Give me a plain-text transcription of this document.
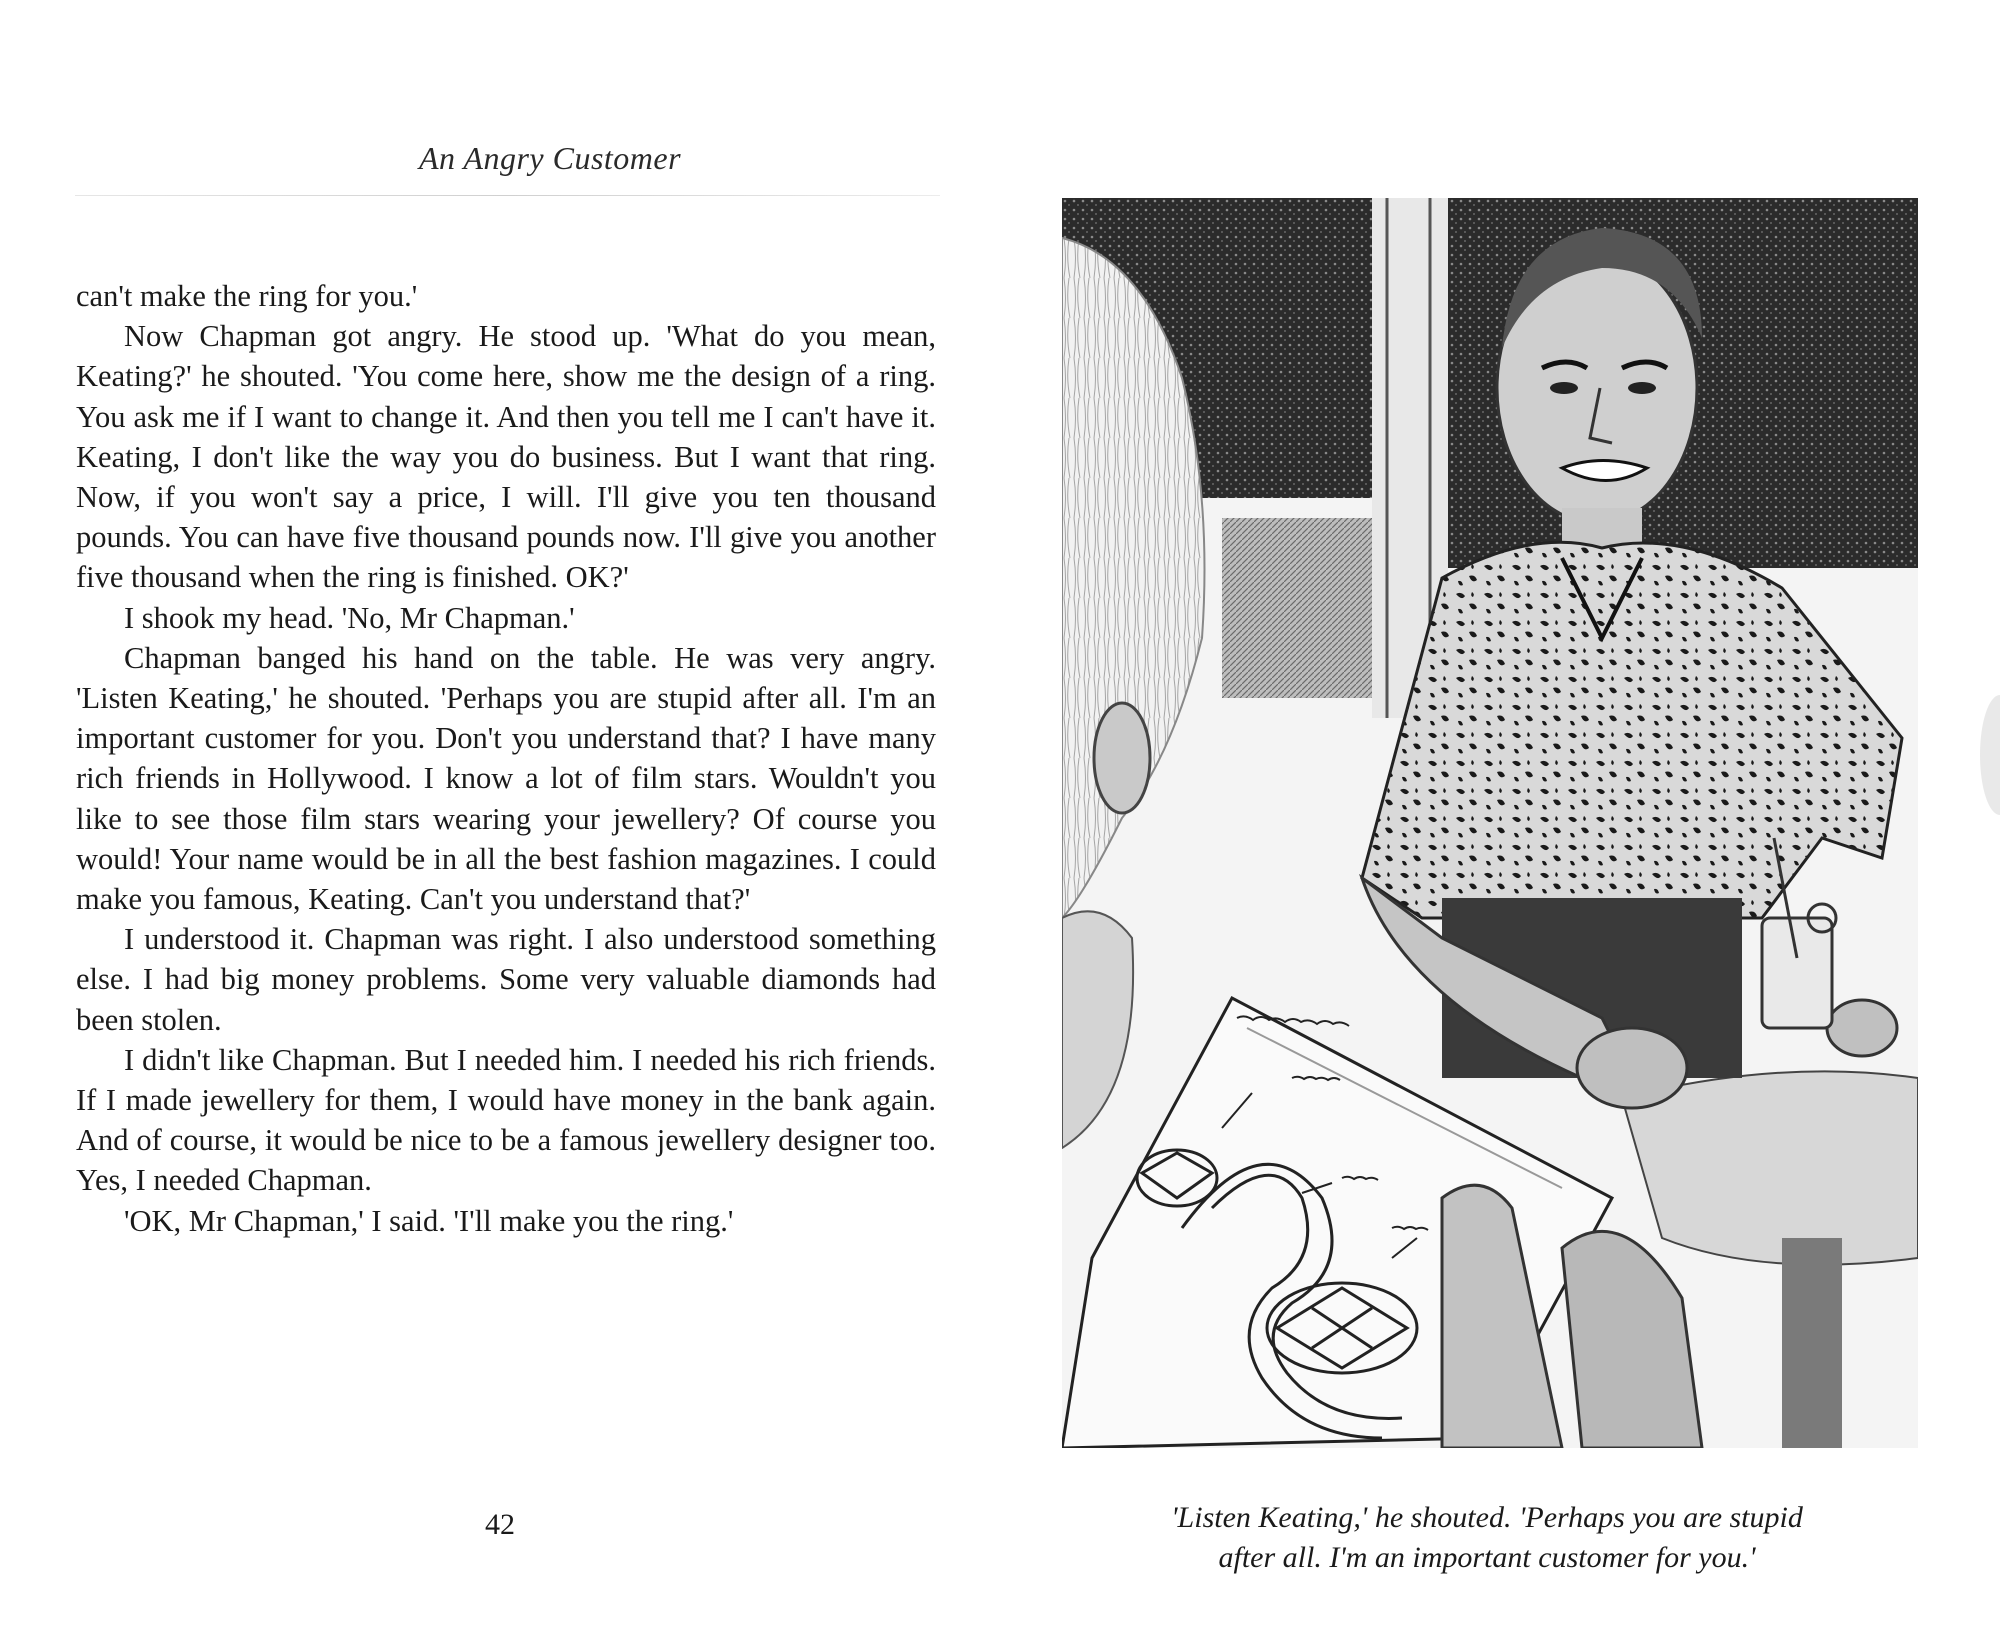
An Angry Customer

can't make the ring for you.'

Now Chapman got angry. He stood up. 'What do you mean, Keating?' he shouted. 'You come here, show me the design of a ring. You ask me if I want to change it. And then you tell me I can't have it. Keating, I don't like the way you do business. But I want that ring. Now, if you won't say a price, I will. I'll give you ten thousand pounds. You can have five thousand pounds now. I'll give you another five thousand when the ring is finished. OK?'

I shook my head. 'No, Mr Chapman.'

Chapman banged his hand on the table. He was very angry. 'Listen Keating,' he shouted. 'Perhaps you are stupid after all. I'm an important customer for you. Don't you understand that? I have many rich friends in Hollywood. I know a lot of film stars. Wouldn't you like to see those film stars wearing your jewellery? Of course you would! Your name would be in all the best fashion magazines. I could make you famous, Keating. Can't you understand that?'

I understood it. Chapman was right. I also understood something else. I had big money problems. Some very valuable diamonds had been stolen.

I didn't like Chapman. But I needed him. I needed his rich friends. If I made jewellery for them, I would have money in the bank again. And of course, it would be nice to be a famous jewellery designer too. Yes, I needed Chapman.

'OK, Mr Chapman,' I said. 'I'll make you the ring.'

42	'Listen Keating,' he shouted. 'Perhaps you are stupid
after all. I'm an important customer for you.'
